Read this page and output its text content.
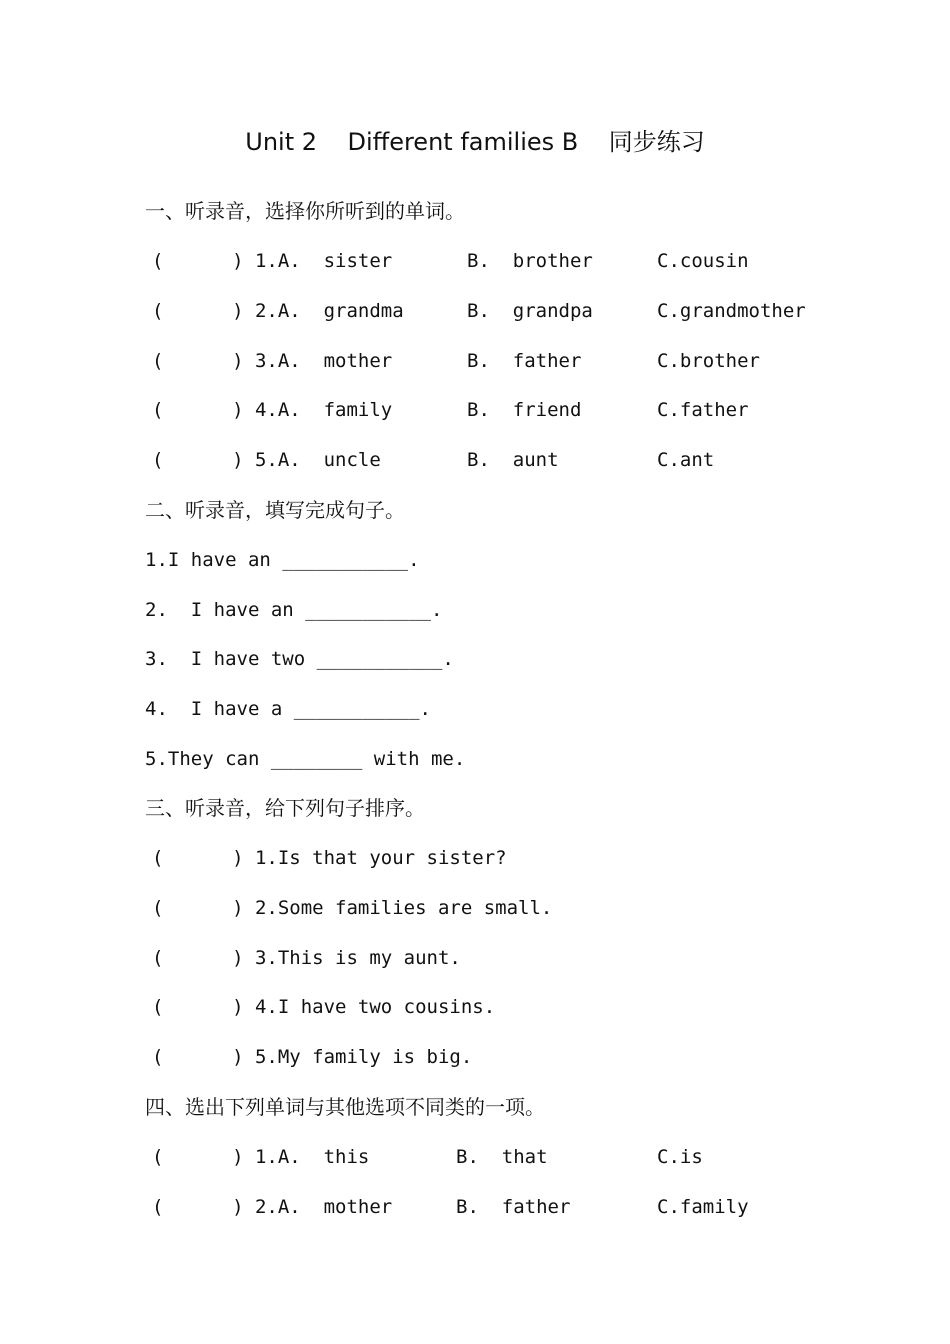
Unit 2    Different families B    同步练习
一、听录音，选择你所听到的单词。
(      ) 1.A.  sister	B.  brother	C.cousin
(      ) 2.A.  grandma	B.  grandpa	C.grandmother
(      ) 3.A.  mother	B.  father	C.brother
(      ) 4.A.  family	B.  friend	C.father
(      ) 5.A.  uncle	B.  aunt	C.ant
二、听录音，填写完成句子。
1.I have an ___________.
2.  I have an ___________.
3.  I have two ___________.
4.  I have a ___________.
5.They can ________ with me.
三、听录音，给下列句子排序。
(      ) 1.Is that your sister?
(      ) 2.Some families are small.
(      ) 3.This is my aunt.
(      ) 4.I have two cousins.
(      ) 5.My family is big.
四、选出下列单词与其他选项不同类的一项。
(      ) 1.A.  this	B.  that	C.is
(      ) 2.A.  mother	B.  father	C.family
